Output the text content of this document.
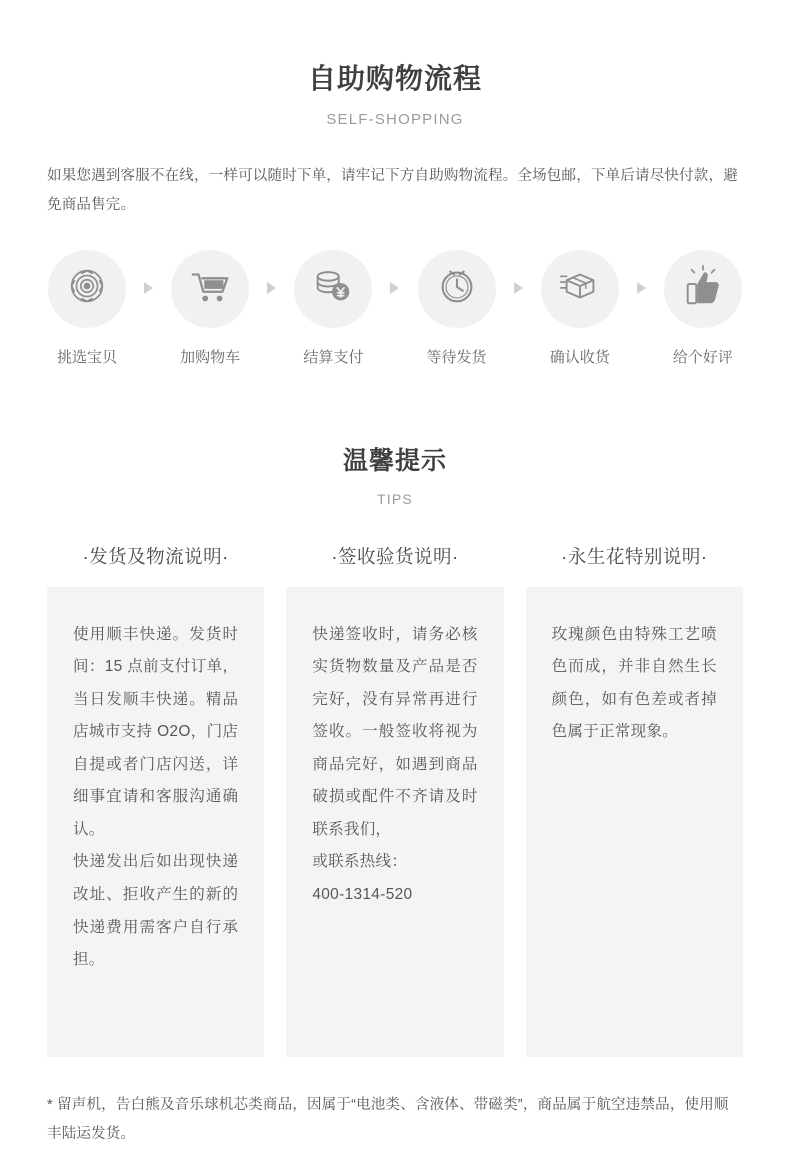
自助购物流程
SELF-SHOPPING
如果您遇到客服不在线，一样可以随时下单，请牢记下方自助购物流程。全场包邮，下单后请尽快付款，避免商品售完。
挑选宝贝	加购物车	结算支付	等待发货	确认收货	给个好评
温馨提示
TIPS
·发货及物流说明·	·签收验货说明·	·永生花特别说明·

使用顺丰快递。发货时间：15 点前支付订单，当日发顺丰快递。精品店城市支持 O2O，门店自提或者门店闪送，详细事宜请和客服沟通确认。

快递发出后如出现快递改址、拒收产生的新的快递费用需客户自行承担。

快递签收时，请务必核实货物数量及产品是否完好，没有异常再进行签收。一般签收将视为商品完好，如遇到商品破损或配件不齐请及时联系我们，

或联系热线：

400-1314-520

玫瑰颜色由特殊工艺喷色而成，并非自然生长颜色，如有色差或者掉色属于正常现象。

* 留声机，告白熊及音乐球机芯类商品，因属于“电池类、含液体、带磁类”，商品属于航空违禁品，使用顺丰陆运发货。
